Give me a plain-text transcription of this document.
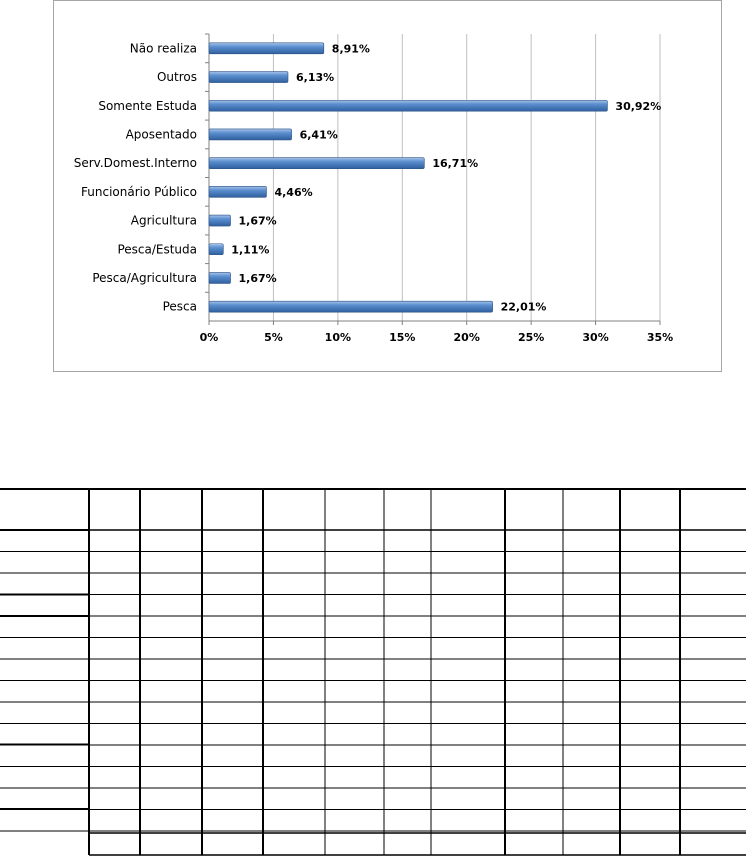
0%	5%	10%	15%	20%	25%	30%	35%
Não realiza	8,91%
Outros	6,13%
Somente Estuda	30,92%
Aposentado	6,41%
Serv.Domest.Interno	16,71%
Funcionário Público	4,46%
Agricultura	1,67%
Pesca/Estuda	1,11%
Pesca/Agricultura	1,67%
Pesca	22,01%
